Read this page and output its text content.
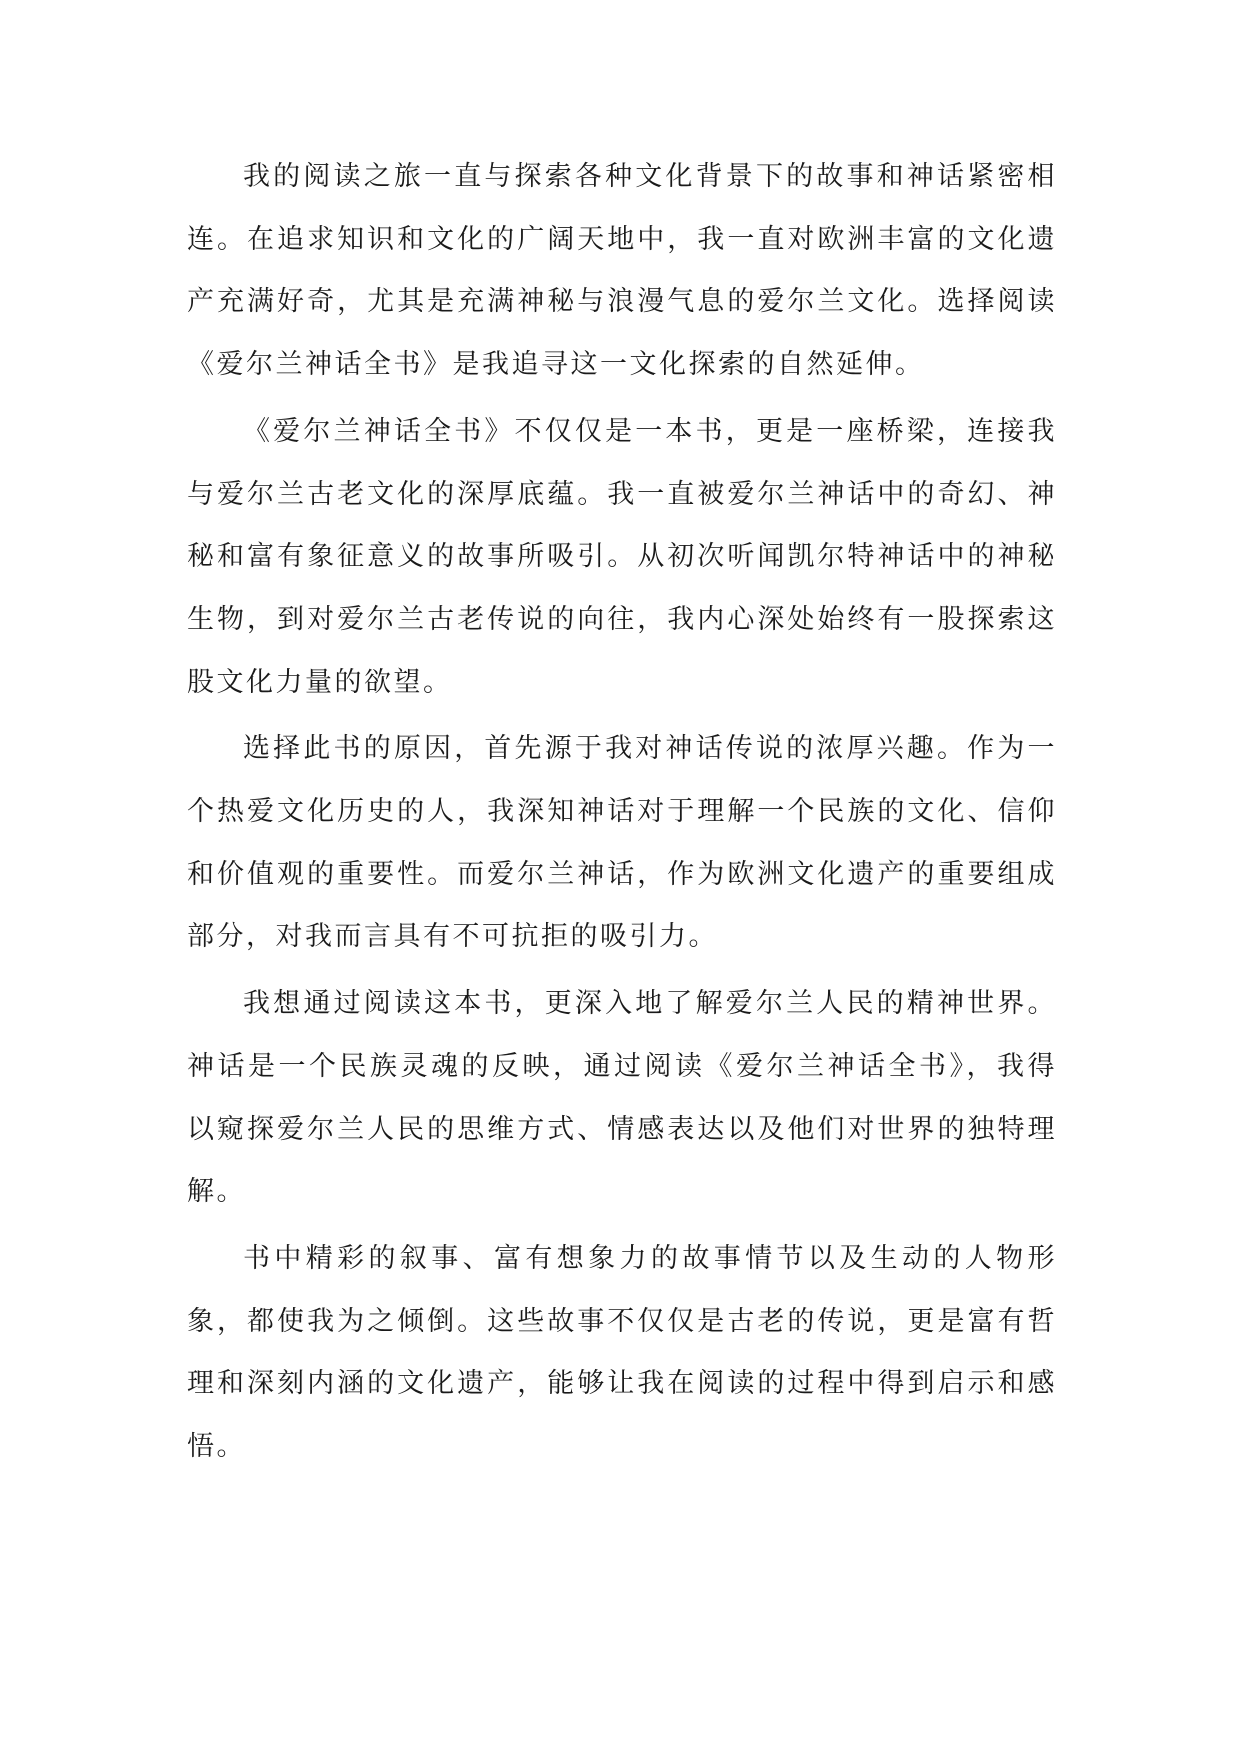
我的阅读之旅一直与探索各种文化背景下的故事和神话紧密相连。在追求知识和文化的广阔天地中，我一直对欧洲丰富的文化遗产充满好奇，尤其是充满神秘与浪漫气息的爱尔兰文化。选择阅读《爱尔兰神话全书》是我追寻这一文化探索的自然延伸。

《爱尔兰神话全书》不仅仅是一本书，更是一座桥梁，连接我与爱尔兰古老文化的深厚底蕴。我一直被爱尔兰神话中的奇幻、神秘和富有象征意义的故事所吸引。从初次听闻凯尔特神话中的神秘生物，到对爱尔兰古老传说的向往，我内心深处始终有一股探索这股文化力量的欲望。

选择此书的原因，首先源于我对神话传说的浓厚兴趣。作为一个热爱文化历史的人，我深知神话对于理解一个民族的文化、信仰和价值观的重要性。而爱尔兰神话，作为欧洲文化遗产的重要组成部分，对我而言具有不可抗拒的吸引力。

我想通过阅读这本书，更深入地了解爱尔兰人民的精神世界。神话是一个民族灵魂的反映，通过阅读《爱尔兰神话全书》，我得以窥探爱尔兰人民的思维方式、情感表达以及他们对世界的独特理解。

书中精彩的叙事、富有想象力的故事情节以及生动的人物形象，都使我为之倾倒。这些故事不仅仅是古老的传说，更是富有哲理和深刻内涵的文化遗产，能够让我在阅读的过程中得到启示和感悟。
